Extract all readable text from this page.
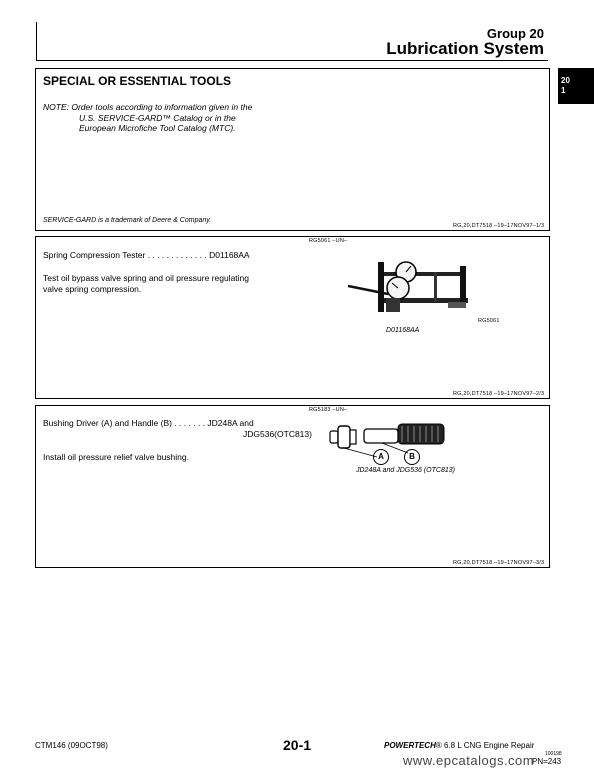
Group 20
Lubrication System
20
1
SPECIAL OR ESSENTIAL TOOLS
NOTE: Order tools according to information given in the
U.S. SERVICE-GARD™ Catalog or in the
European Microfiche Tool Catalog (MTC).
SERVICE-GARD is a trademark of Deere & Company.
RG,20,DT7518 –19–17NOV97–1/3
Spring Compression Tester . . . . . . . . . . . . . D01168AA
Test oil bypass valve spring and oil pressure regulating
valve spring compression.
RG5061 –UN–
RG5061
D01168AA
RG,20,DT7518 –19–17NOV97–2/3
Bushing Driver (A) and Handle (B) . . . . . . . JD248A and
JDG536(OTC813)
Install oil pressure relief valve bushing.
RG5183 –UN–
A	B
JD248A and JDG536 (OTC813)
RG,20,DT7518 –19–17NOV97–3/3
CTM146 (09OCT98)	20-1	POWERTECH® 6.8 L CNG Engine Repair
100198
PN=243
www.epcatalogs.com
